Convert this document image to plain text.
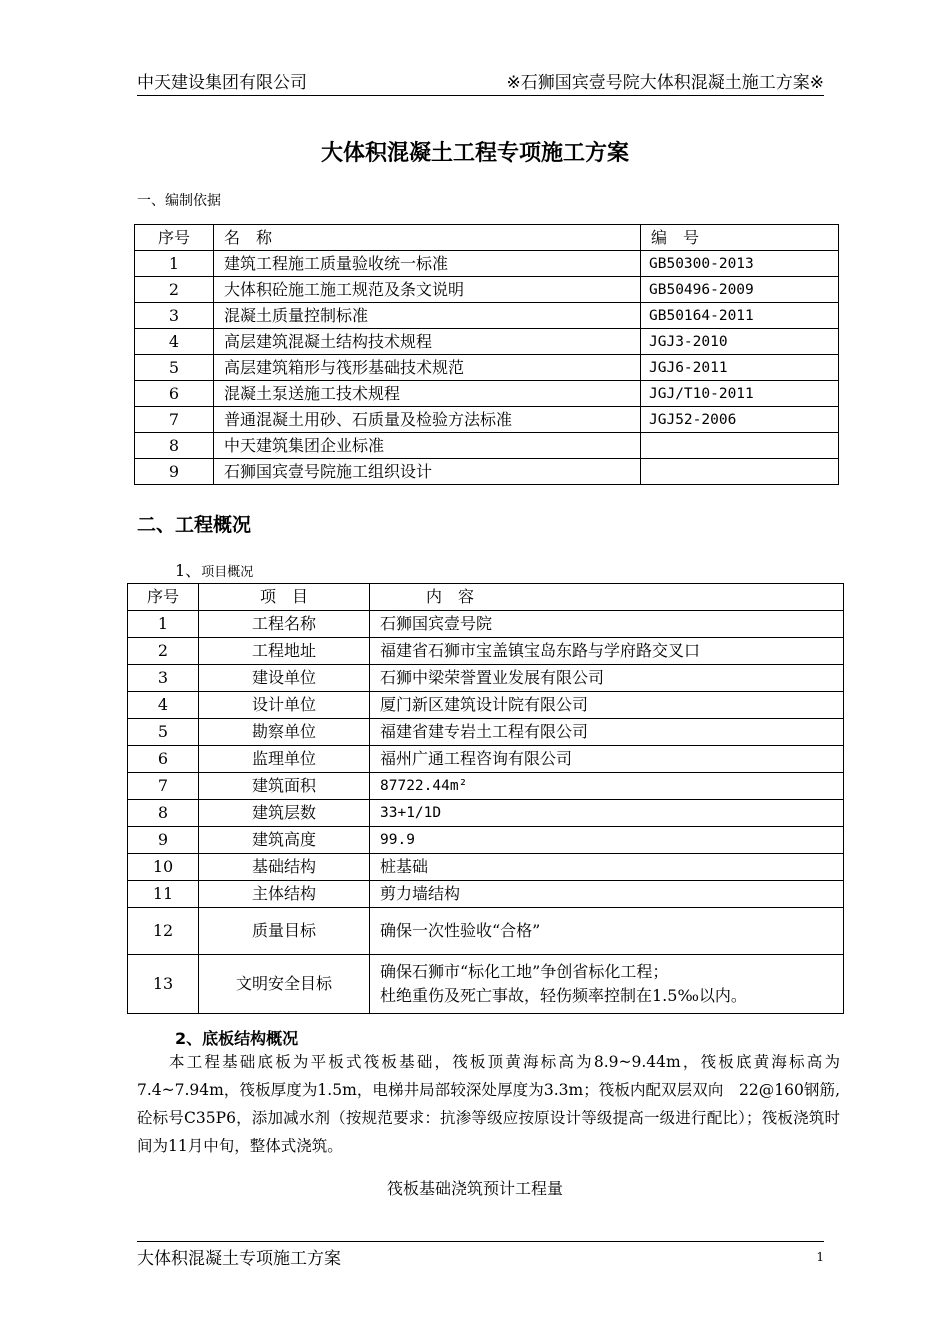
中天建设集团有限公司	※石狮国宾壹号院大体积混凝土施工方案※
大体积混凝土工程专项施工方案
一、编制依据
序号	名　称	编　号
1	建筑工程施工质量验收统一标准	GB50300-2013
2	大体积砼施工施工规范及条文说明	GB50496-2009
3	混凝土质量控制标准	GB50164-2011
4	高层建筑混凝土结构技术规程	JGJ3-2010
5	高层建筑箱形与筏形基础技术规范	JGJ6-2011
6	混凝土泵送施工技术规程	JGJ/T10-2011
7	普通混凝土用砂、石质量及检验方法标准	JGJ52-2006
8	中天建筑集团企业标准	
9	石狮国宾壹号院施工组织设计	
二、工程概况
1、项目概况
序号	项　目	内　容
1	工程名称	石狮国宾壹号院
2	工程地址	福建省石狮市宝盖镇宝岛东路与学府路交叉口
3	建设单位	石狮中梁荣誉置业发展有限公司
4	设计单位	厦门新区建筑设计院有限公司
5	勘察单位	福建省建专岩土工程有限公司
6	监理单位	福州广通工程咨询有限公司
7	建筑面积	87722.44m²
8	建筑层数	33+1/1D
9	建筑高度	99.9
10	基础结构	桩基础
11	主体结构	剪力墙结构
12	质量目标	确保一次性验收“合格”
13	文明安全目标	确保石狮市“标化工地”争创省标化工程；
杜绝重伤及死亡事故，轻伤频率控制在1.5‰以内。
2、底板结构概况
本工程基础底板为平板式筏板基础，筏板顶黄海标高为8.9~9.44m，筏板底黄海标高为7.4~7.94m，筏板厚度为1.5m，电梯井局部较深处厚度为3.3m；筏板内配双层双向　22@160钢筋,砼标号C35P6，添加减水剂（按规范要求：抗渗等级应按原设计等级提高一级进行配比）；筏板浇筑时间为11月中旬，整体式浇筑。
筏板基础浇筑预计工程量
大体积混凝土专项施工方案	1
